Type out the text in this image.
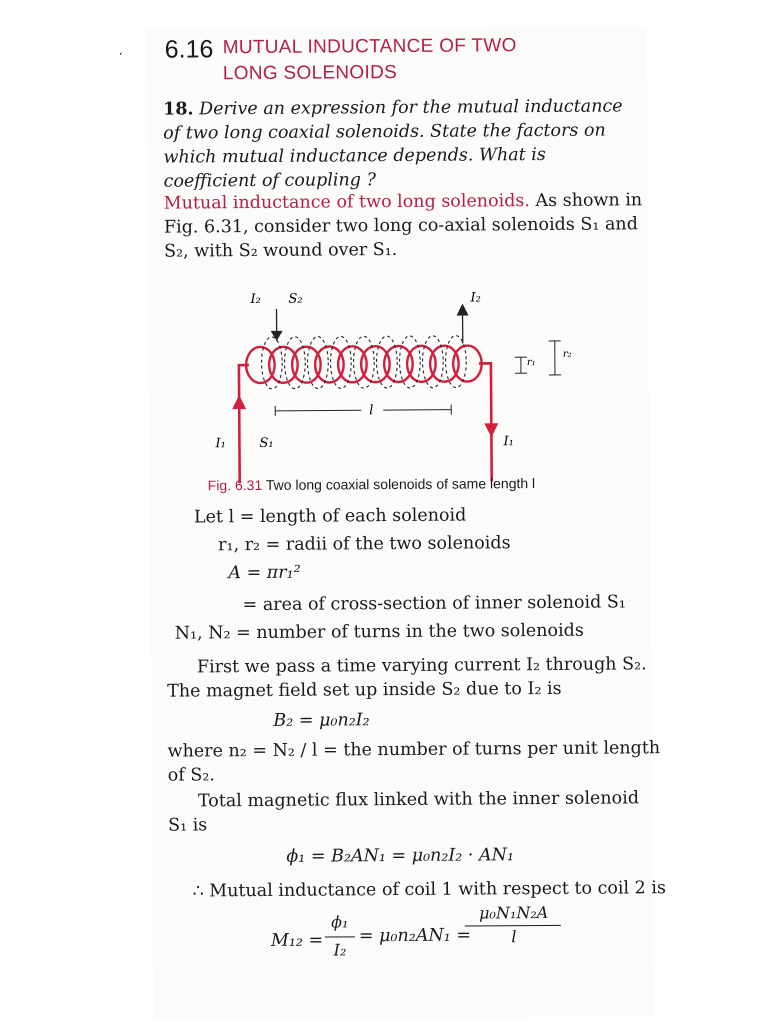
‘ 6.16 MUTUAL INDUCTANCE OF TWO
LONG SOLENOIDS
18. Derive an expression for the mutual inductance of two long coaxial solenoids. State the factors on which mutual inductance depends. What is coefficient of coupling ?
Mutual inductance of two long solenoids. As shown in Fig. 6.31, consider two long co-axial solenoids S₁ and S₂, with S₂ wound over S₁.
I₂ S₂	I₂
I₁	S₁	I₁
l
r₁
r₂
Fig. 6.31 Two long coaxial solenoids of same length l
Let l = length of each solenoid
r₁, r₂ = radii of the two solenoids
A = πr₁²
= area of cross-section of inner solenoid S₁
N₁, N₂ = number of turns in the two solenoids
First we pass a time varying current I₂ through S₂.
The magnet field set up inside S₂ due to I₂ is
B₂ = μ₀n₂I₂
where n₂ = N₂ / l = the number of turns per unit length
of S₂.
Total magnetic flux linked with the inner solenoid
S₁ is
ϕ₁ = B₂AN₁ = μ₀n₂I₂ · AN₁
∴ Mutual inductance of coil 1 with respect to coil 2 is
M₁₂ =
ϕ₁
I₂
= μ₀n₂AN₁ =
μ₀N₁N₂A
l
